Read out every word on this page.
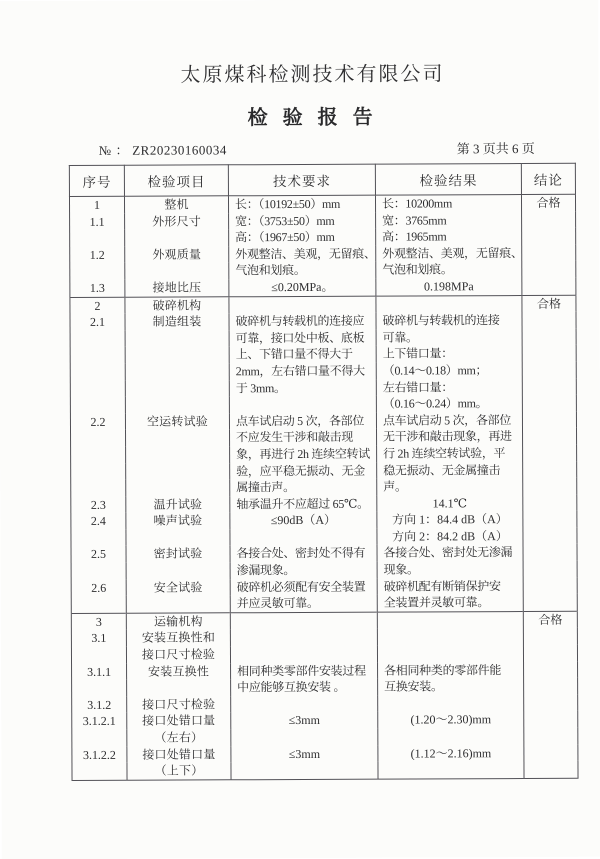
太原煤科检测技术有限公司
检 验 报 告
№ ： ZR20230160034	第 3 页共 6 页
序号	检验项目	技术要求	检验结果	结论
1	整机	长：（10192±50）mm	长：10200mm	合格
1.1	外形尺寸	宽：（3753±50）mm	宽：3765mm	
		高：（1967±50）mm	高：1965mm	
1.2	外观质量	外观整洁、美观，无留痕、	外观整洁、美观，无留痕、	
		气泡和划痕。	气泡和划痕。	
1.3	接地比压	≤0.20MPa。	0.198MPa	
2	破碎机构			合格
2.1	制造组装	破碎机与转载机的连接应	破碎机与转载机的连接	
		可靠，接口处中板、底板	可靠。	
		上、下错口量不得大于	上下错口量：	
		2mm，左右错口量不得大	（0.14～0.18）mm；	
		于 3mm。	左右错口量：	
			（0.16～0.24）mm。	
2.2	空运转试验	点车试启动 5 次，各部位	点车试启动 5 次，各部位	
		不应发生干涉和敲击现	无干涉和敲击现象，再进	
		象，再进行 2h 连续空转试	行 2h 连续空转试验，平	
		验，应平稳无振动、无金	稳无振动、无金属撞击	
		属撞击声。	声。	
2.3	温升试验	轴承温升不应超过 65℃。	14.1℃	
2.4	噪声试验	≤90dB（A）	方向 1：84.4 dB（A）	
			方向 2：84.2 dB（A）	
2.5	密封试验	各接合处、密封处不得有	各接合处、密封处无渗漏	
		渗漏现象。	现象。	
2.6	安全试验	破碎机必须配有安全装置	破碎机配有断销保护安	
		并应灵敏可靠。	全装置并灵敏可靠。	
3	运输机构			合格
3.1	安装互换性和			
	接口尺寸检验			
3.1.1	安装互换性	相同种类零部件安装过程	各相同种类的零部件能	
		中应能够互换安装 。	互换安装。	
3.1.2	接口尺寸检验			
3.1.2.1	接口处错口量	≤3mm	(1.20～2.30)mm	
	（左右）			
3.1.2.2	接口处错口量	≤3mm	(1.12～2.16)mm	
	（上下）			
